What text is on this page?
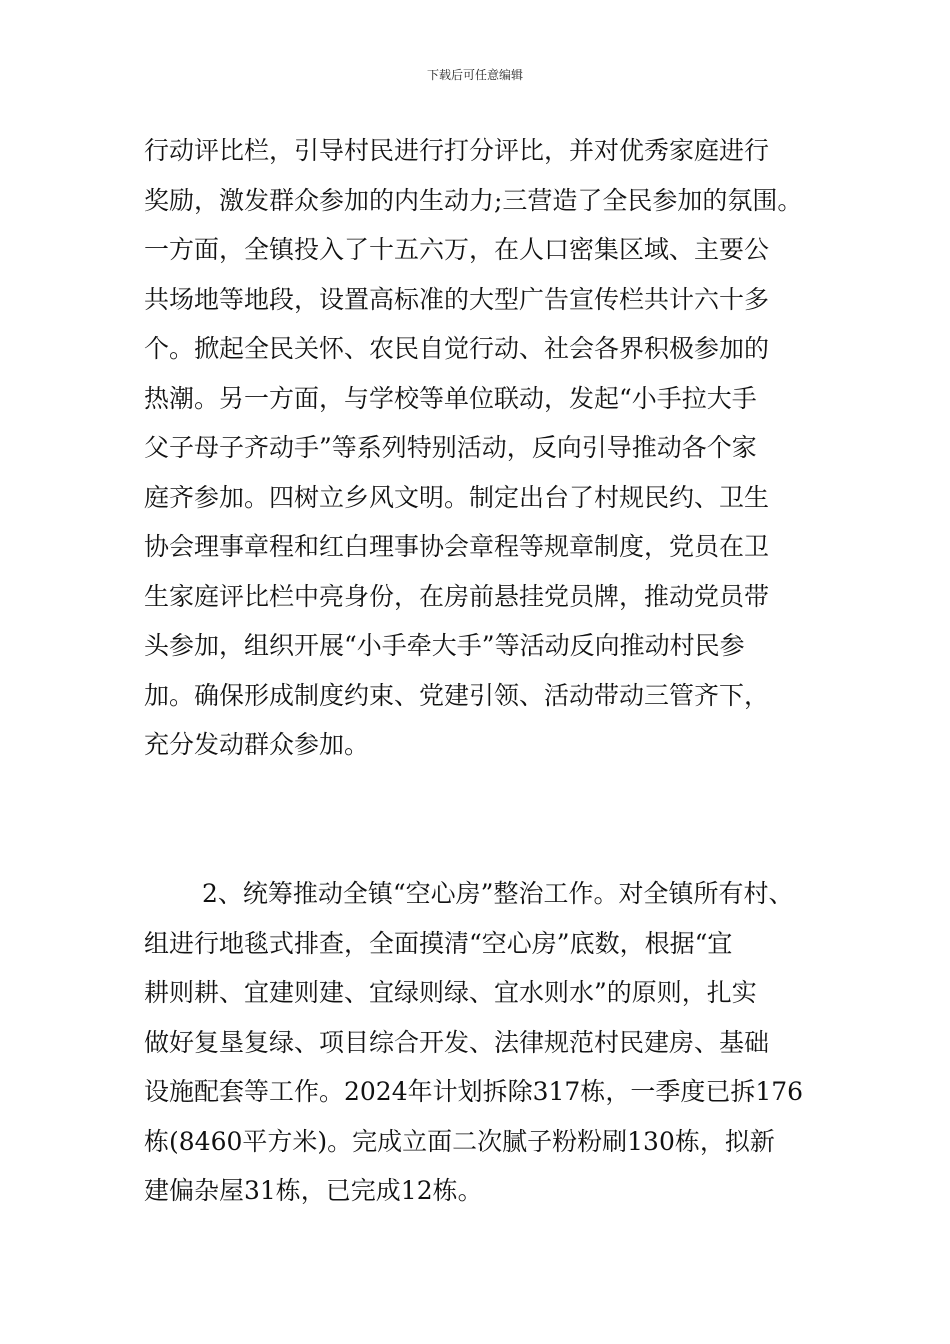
下载后可任意编辑
行动评比栏，引导村民进行打分评比，并对优秀家庭进行
奖励，激发群众参加的内生动力;三营造了全民参加的氛围。
一方面，全镇投入了十五六万，在人口密集区域、主要公
共场地等地段，设置高标准的大型广告宣传栏共计六十多
个。掀起全民关怀、农民自觉行动、社会各界积极参加的
热潮。另一方面，与学校等单位联动，发起“小手拉大手
父子母子齐动手”等系列特别活动，反向引导推动各个家
庭齐参加。四树立乡风文明。制定出台了村规民约、卫生
协会理事章程和红白理事协会章程等规章制度，党员在卫
生家庭评比栏中亮身份，在房前悬挂党员牌，推动党员带
头参加，组织开展“小手牵大手”等活动反向推动村民参
加。确保形成制度约束、党建引领、活动带动三管齐下，
充分发动群众参加。
2、统筹推动全镇“空心房”整治工作。对全镇所有村、
组进行地毯式排查，全面摸清“空心房”底数，根据“宜
耕则耕、宜建则建、宜绿则绿、宜水则水”的原则，扎实
做好复垦复绿、项目综合开发、法律规范村民建房、基础
设施配套等工作。2024年计划拆除317栋，一季度已拆176
栋(8460平方米)。完成立面二次腻子粉粉刷130栋，拟新
建偏杂屋31栋，已完成12栋。
